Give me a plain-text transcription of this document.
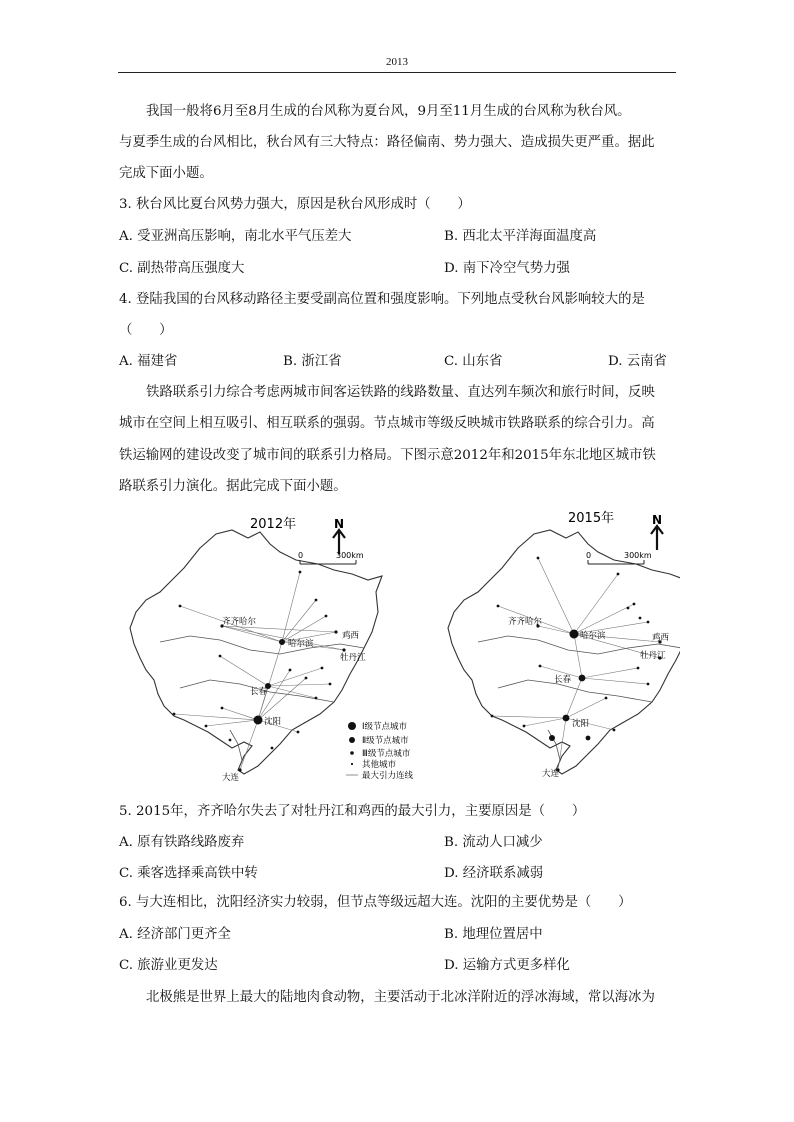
2013
我国一般将6月至8月生成的台风称为夏台风，9月至11月生成的台风称为秋台风。
与夏季生成的台风相比，秋台风有三大特点：路径偏南、势力强大、造成损失更严重。据此
完成下面小题。
3. 秋台风比夏台风势力强大，原因是秋台风形成时（　　）
A. 受亚洲高压影响，南北水平气压差大	B. 西北太平洋海面温度高
C. 副热带高压强度大	D. 南下冷空气势力强
4. 登陆我国的台风移动路径主要受副高位置和强度影响。下列地点受秋台风影响较大的是
（　　）
A. 福建省	B. 浙江省	C. 山东省	D. 云南省
铁路联系引力综合考虑两城市间客运铁路的线路数量、直达列车频次和旅行时间，反映
城市在空间上相互吸引、相互联系的强弱。节点城市等级反映城市铁路联系的综合引力。高
铁运输网的建设改变了城市间的联系引力格局。下图示意2012年和2015年东北地区城市铁
路联系引力演化。据此完成下面小题。
2012年	N
0	300km
齐齐哈尔
哈尔滨
鸡西
牡丹江
长春
沈阳
大连
Ⅰ级节点城市
Ⅱ级节点城市
Ⅲ级节点城市
其他城市
最大引力连线
2015年	N
0	300km
齐齐哈尔
哈尔滨	鸡西
牡丹江
长春
沈阳
大连
5. 2015年，齐齐哈尔失去了对牡丹江和鸡西的最大引力，主要原因是（　　）
A. 原有铁路线路废弃	B. 流动人口减少
C. 乘客选择乘高铁中转	D. 经济联系减弱
6. 与大连相比，沈阳经济实力较弱，但节点等级远超大连。沈阳的主要优势是（　　）
A. 经济部门更齐全	B. 地理位置居中
C. 旅游业更发达	D. 运输方式更多样化
北极熊是世界上最大的陆地肉食动物，主要活动于北冰洋附近的浮冰海域，常以海冰为
